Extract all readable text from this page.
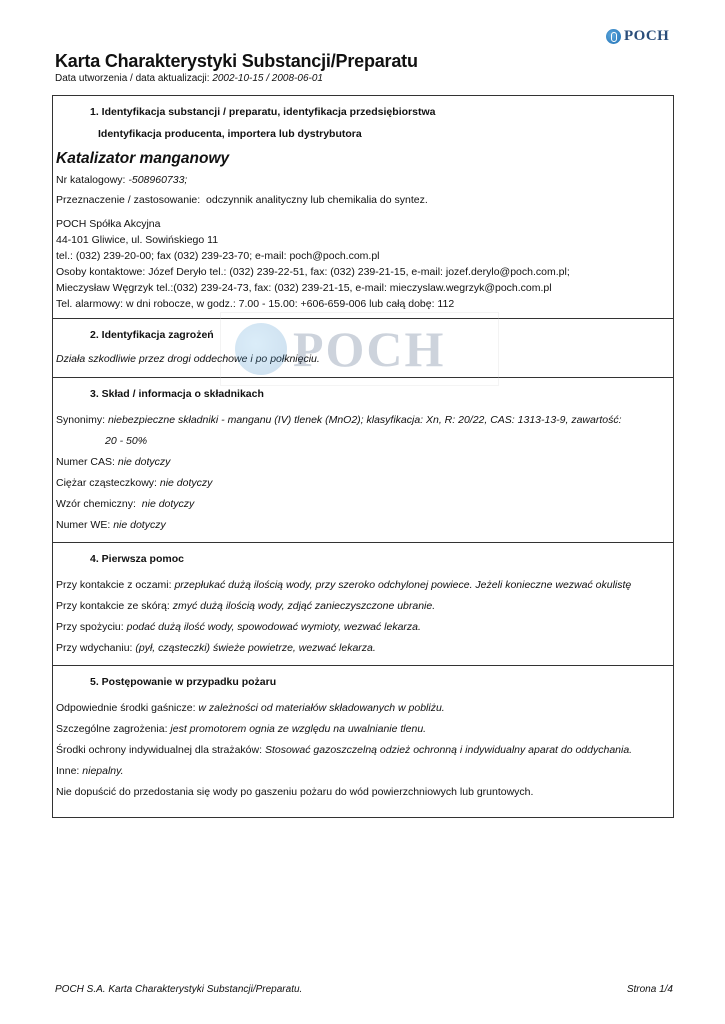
POCH
Karta Charakterystyki Substancji/Preparatu
Data utworzenia / data aktualizacji: 2002-10-15 / 2008-06-01
1. Identyfikacja substancji / preparatu, identyfikacja przedsiębiorstwa
Identyfikacja producenta, importera lub dystrybutora
Katalizator manganowy
Nr katalogowy: -508960733;
Przeznaczenie / zastosowanie: odczynnik analityczny lub chemikalia do syntez.
POCH Spółka Akcyjna
44-101 Gliwice, ul. Sowińskiego 11
tel.: (032) 239-20-00; fax (032) 239-23-70; e-mail: poch@poch.com.pl
Osoby kontaktowe: Józef Deryło tel.: (032) 239-22-51, fax: (032) 239-21-15, e-mail: jozef.derylo@poch.com.pl;
Mieczysław Węgrzyk tel.:(032) 239-24-73, fax: (032) 239-21-15, e-mail: mieczyslaw.wegrzyk@poch.com.pl
Tel. alarmowy: w dni robocze, w godz.: 7.00 - 15.00: +606-659-006 lub całą dobę: 112
2. Identyfikacja zagrożeń
Działa szkodliwie przez drogi oddechowe i po połknięciu.
3. Skład / informacja o składnikach
Synonimy: niebezpieczne składniki - manganu (IV) tlenek (MnO2); klasyfikacja: Xn, R: 20/22, CAS: 1313-13-9, zawartość:
20 - 50%
Numer CAS: nie dotyczy
Ciężar cząsteczkowy: nie dotyczy
Wzór chemiczny: nie dotyczy
Numer WE: nie dotyczy
4. Pierwsza pomoc
Przy kontakcie z oczami: przepłukać dużą ilością wody, przy szeroko odchylonej powiece. Jeżeli konieczne wezwać okulistę
Przy kontakcie ze skórą: zmyć dużą ilością wody, zdjąć zanieczyszczone ubranie.
Przy spożyciu: podać dużą ilość wody, spowodować wymioty, wezwać lekarza.
Przy wdychaniu: (pył, cząsteczki) świeże powietrze, wezwać lekarza.
5. Postępowanie w przypadku pożaru
Odpowiednie środki gaśnicze: w zależności od materiałów składowanych w pobliżu.
Szczególne zagrożenia: jest promotorem ognia ze względu na uwalnianie tlenu.
Środki ochrony indywidualnej dla strażaków: Stosować gazoszczelną odzież ochronną i indywidualny aparat do oddychania.
Inne: niepalny.
Nie dopuścić do przedostania się wody po gaszeniu pożaru do wód powierzchniowych lub gruntowych.
POCH
POCH S.A. Karta Charakterystyki Substancji/Preparatu.	Strona 1/4
